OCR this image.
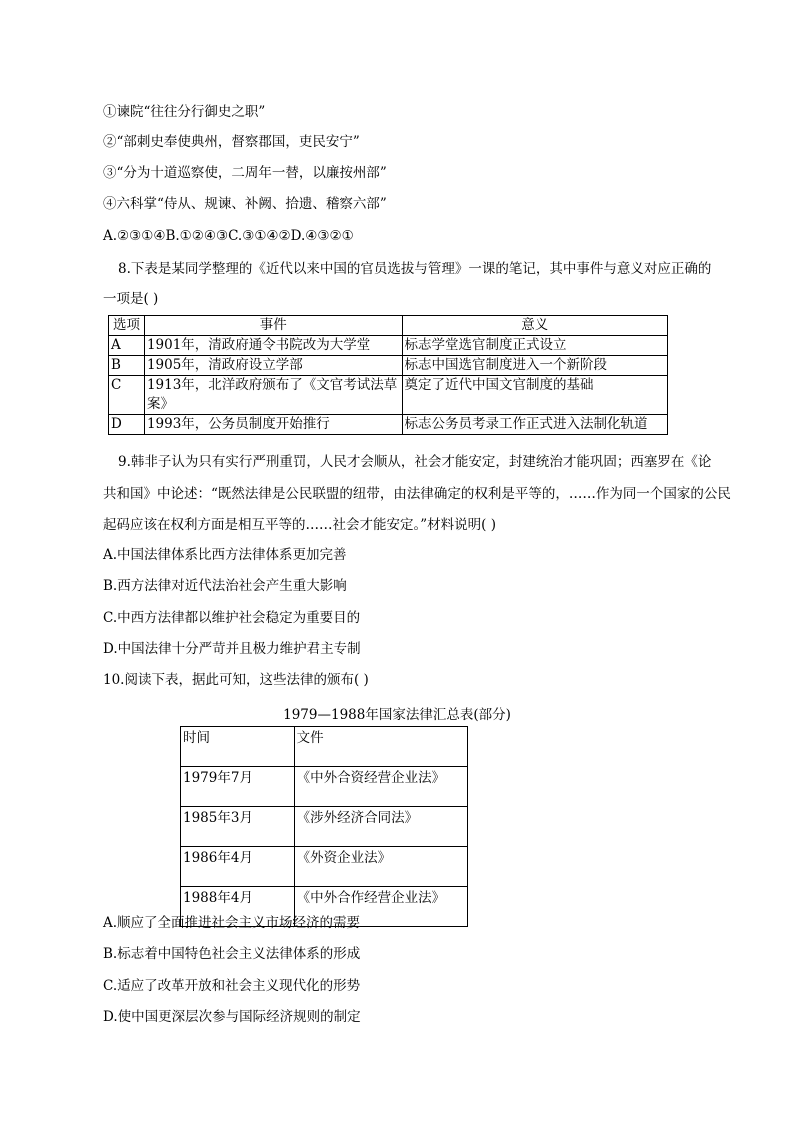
①谏院“往往分行御史之职”
②“部刺史奉使典州，督察郡国，吏民安宁”
③“分为十道巡察使，二周年一替，以廉按州部”
④六科掌“侍从、规谏、补阙、拾遗、稽察六部”
A.②③①④B.①②④③C.③①④②D.④③②①
8.下表是某同学整理的《近代以来中国的官员选拔与管理》一课的笔记，其中事件与意义对应正确的
一项是( )
选项	事件	意义
A	1901年，清政府通令书院改为大学堂	标志学堂选官制度正式设立
B	1905年，清政府设立学部	标志中国选官制度进入一个新阶段
C	1913年，北洋政府颁布了《文官考试法草案》	奠定了近代中国文官制度的基础
D	1993年，公务员制度开始推行	标志公务员考录工作正式进入法制化轨道
9.韩非子认为只有实行严刑重罚，人民才会顺从，社会才能安定，封建统治才能巩固；西塞罗在《论
共和国》中论述：“既然法律是公民联盟的纽带，由法律确定的权利是平等的，……作为同一个国家的公民
起码应该在权利方面是相互平等的……社会才能安定。”材料说明( )
A.中国法律体系比西方法律体系更加完善
B.西方法律对近代法治社会产生重大影响
C.中西方法律都以维护社会稳定为重要目的
D.中国法律十分严苛并且极力维护君主专制
10.阅读下表，据此可知，这些法律的颁布( )
1979—1988年国家法律汇总表(部分)
时间	文件
1979年7月	《中外合资经营企业法》
1985年3月	《涉外经济合同法》
1986年4月	《外资企业法》
1988年4月	《中外合作经营企业法》
A.顺应了全面推进社会主义市场经济的需要
B.标志着中国特色社会主义法律体系的形成
C.适应了改革开放和社会主义现代化的形势
D.使中国更深层次参与国际经济规则的制定
